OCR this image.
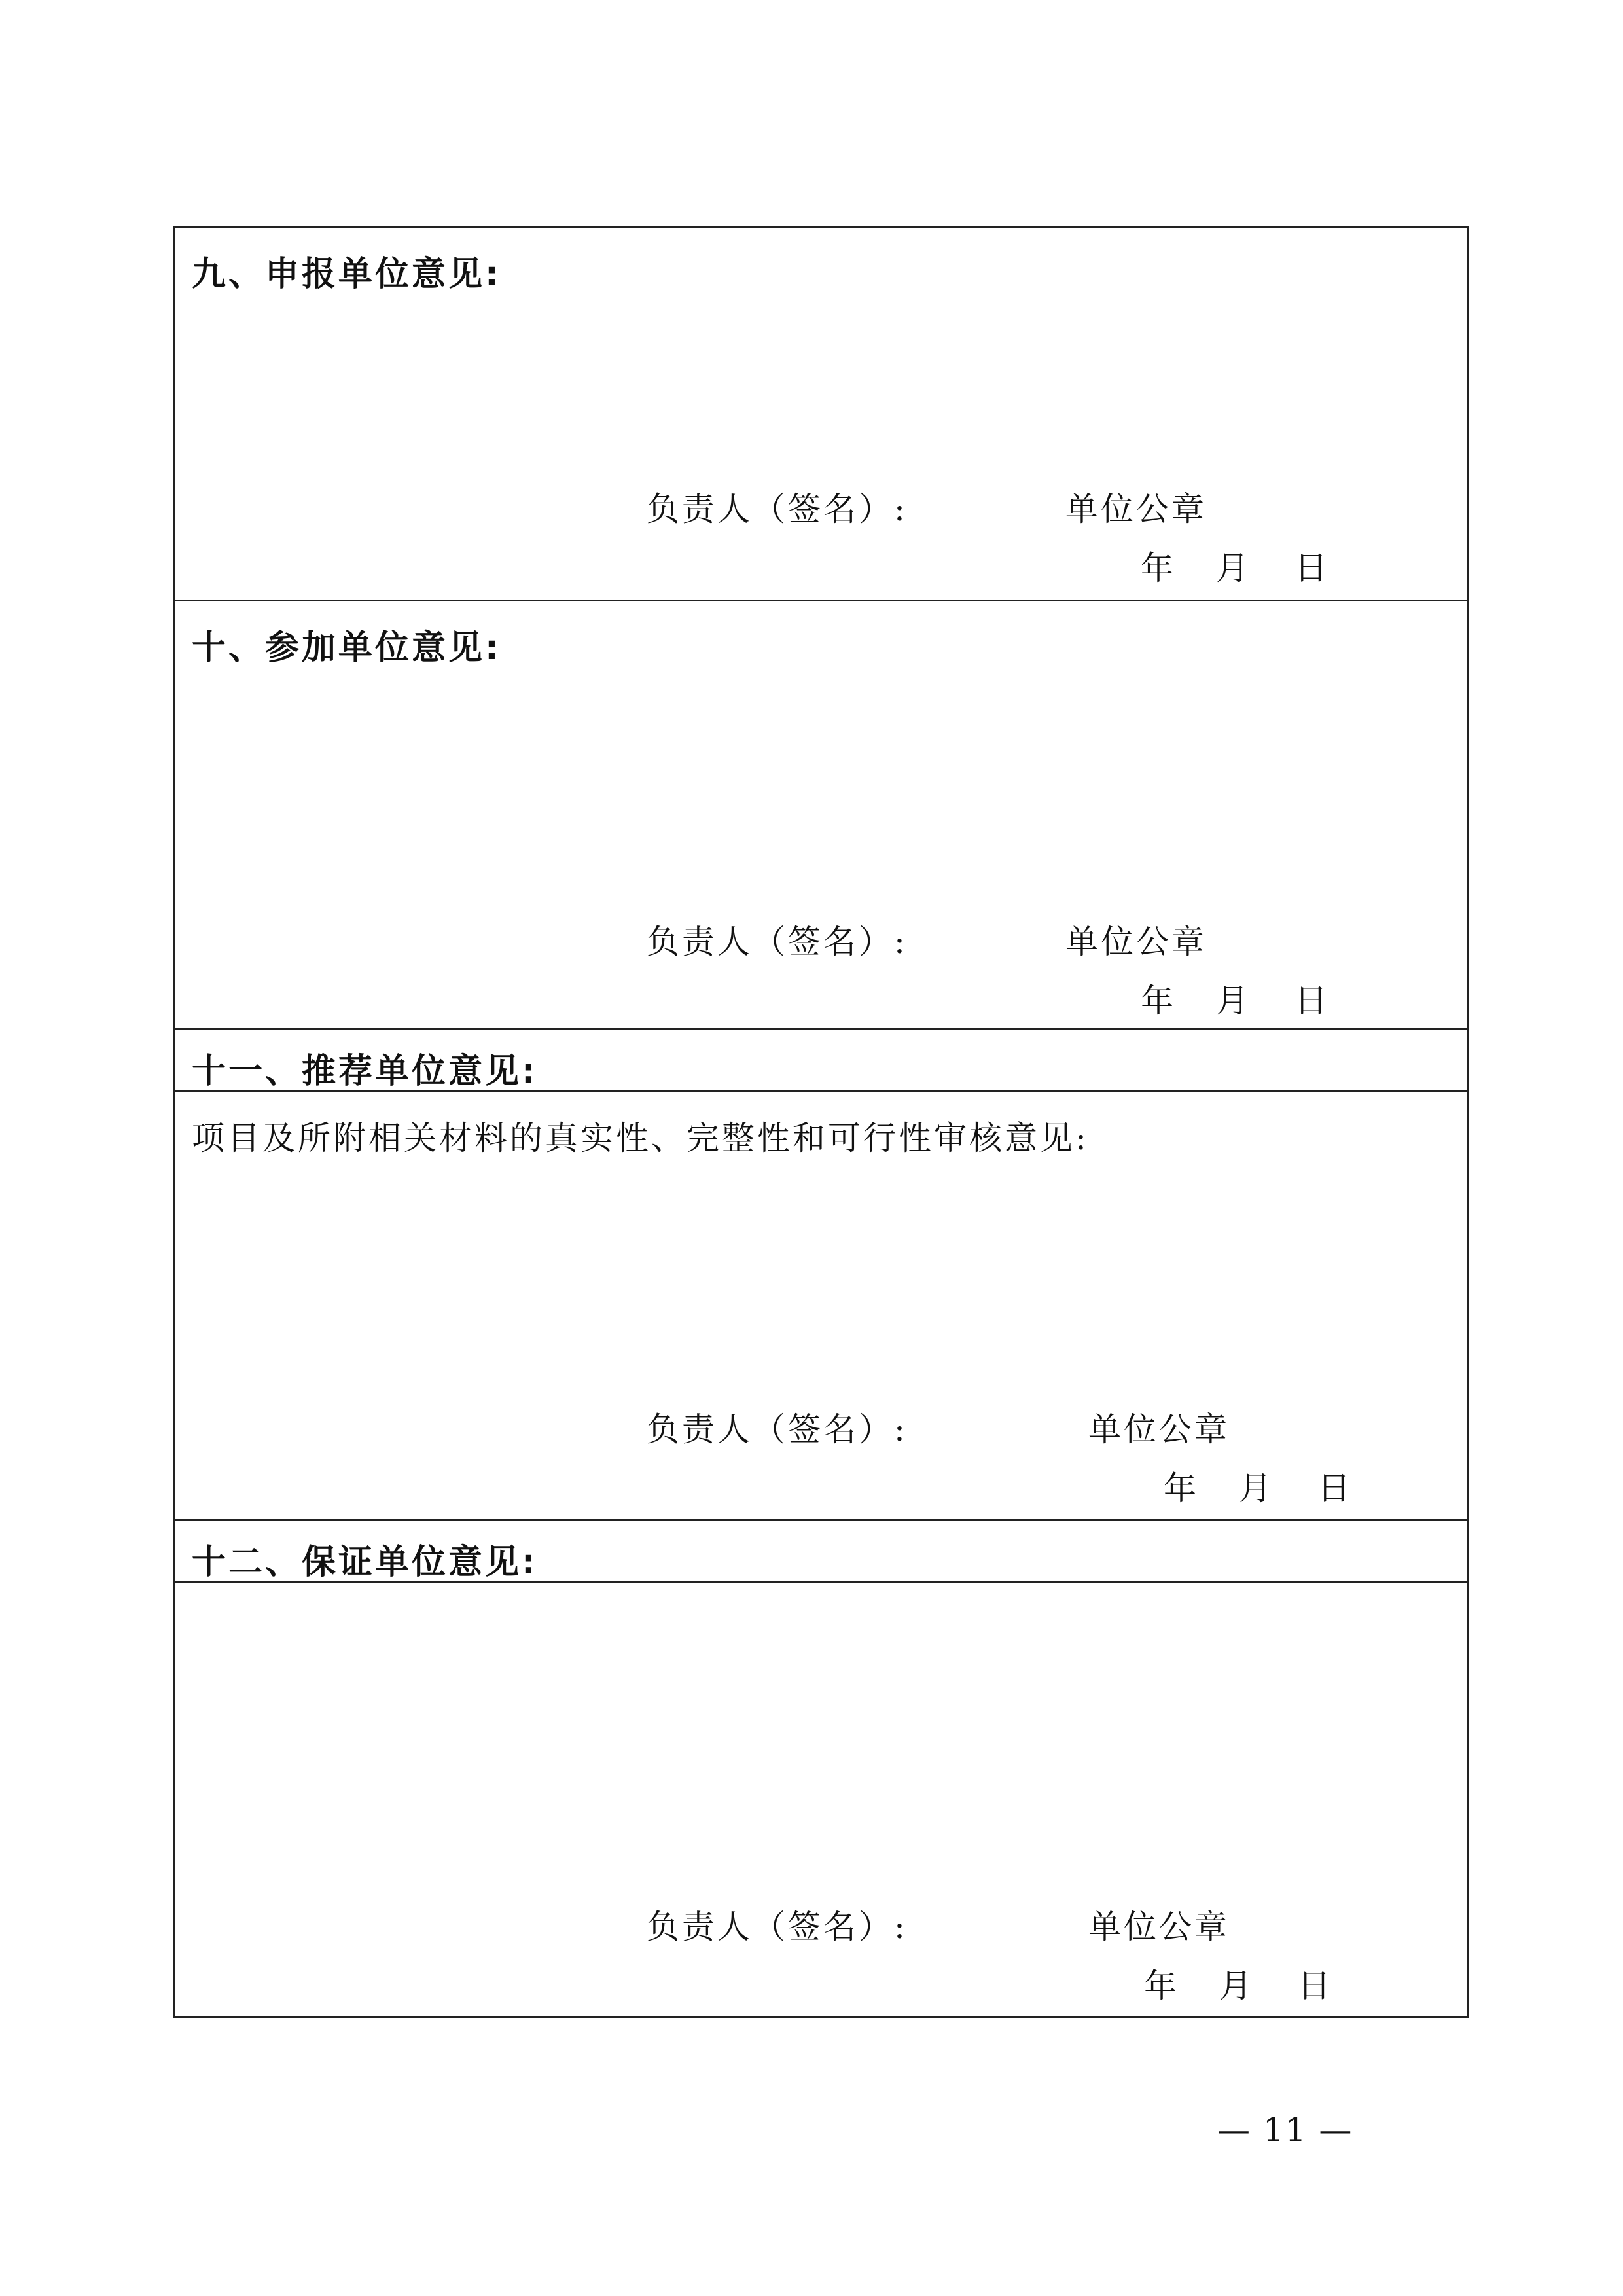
九、申报单位意见:
负责人（签名）:	单位公章
年 月 日
十、参加单位意见:
负责人（签名）:	单位公章
年 月 日
十一、推荐单位意见:
项目及所附相关材料的真实性、完整性和可行性审核意见:
负责人（签名）:	单位公章
年 月 日
十二、保证单位意见:
负责人（签名）:	单位公章
年 月 日
— 11 —
